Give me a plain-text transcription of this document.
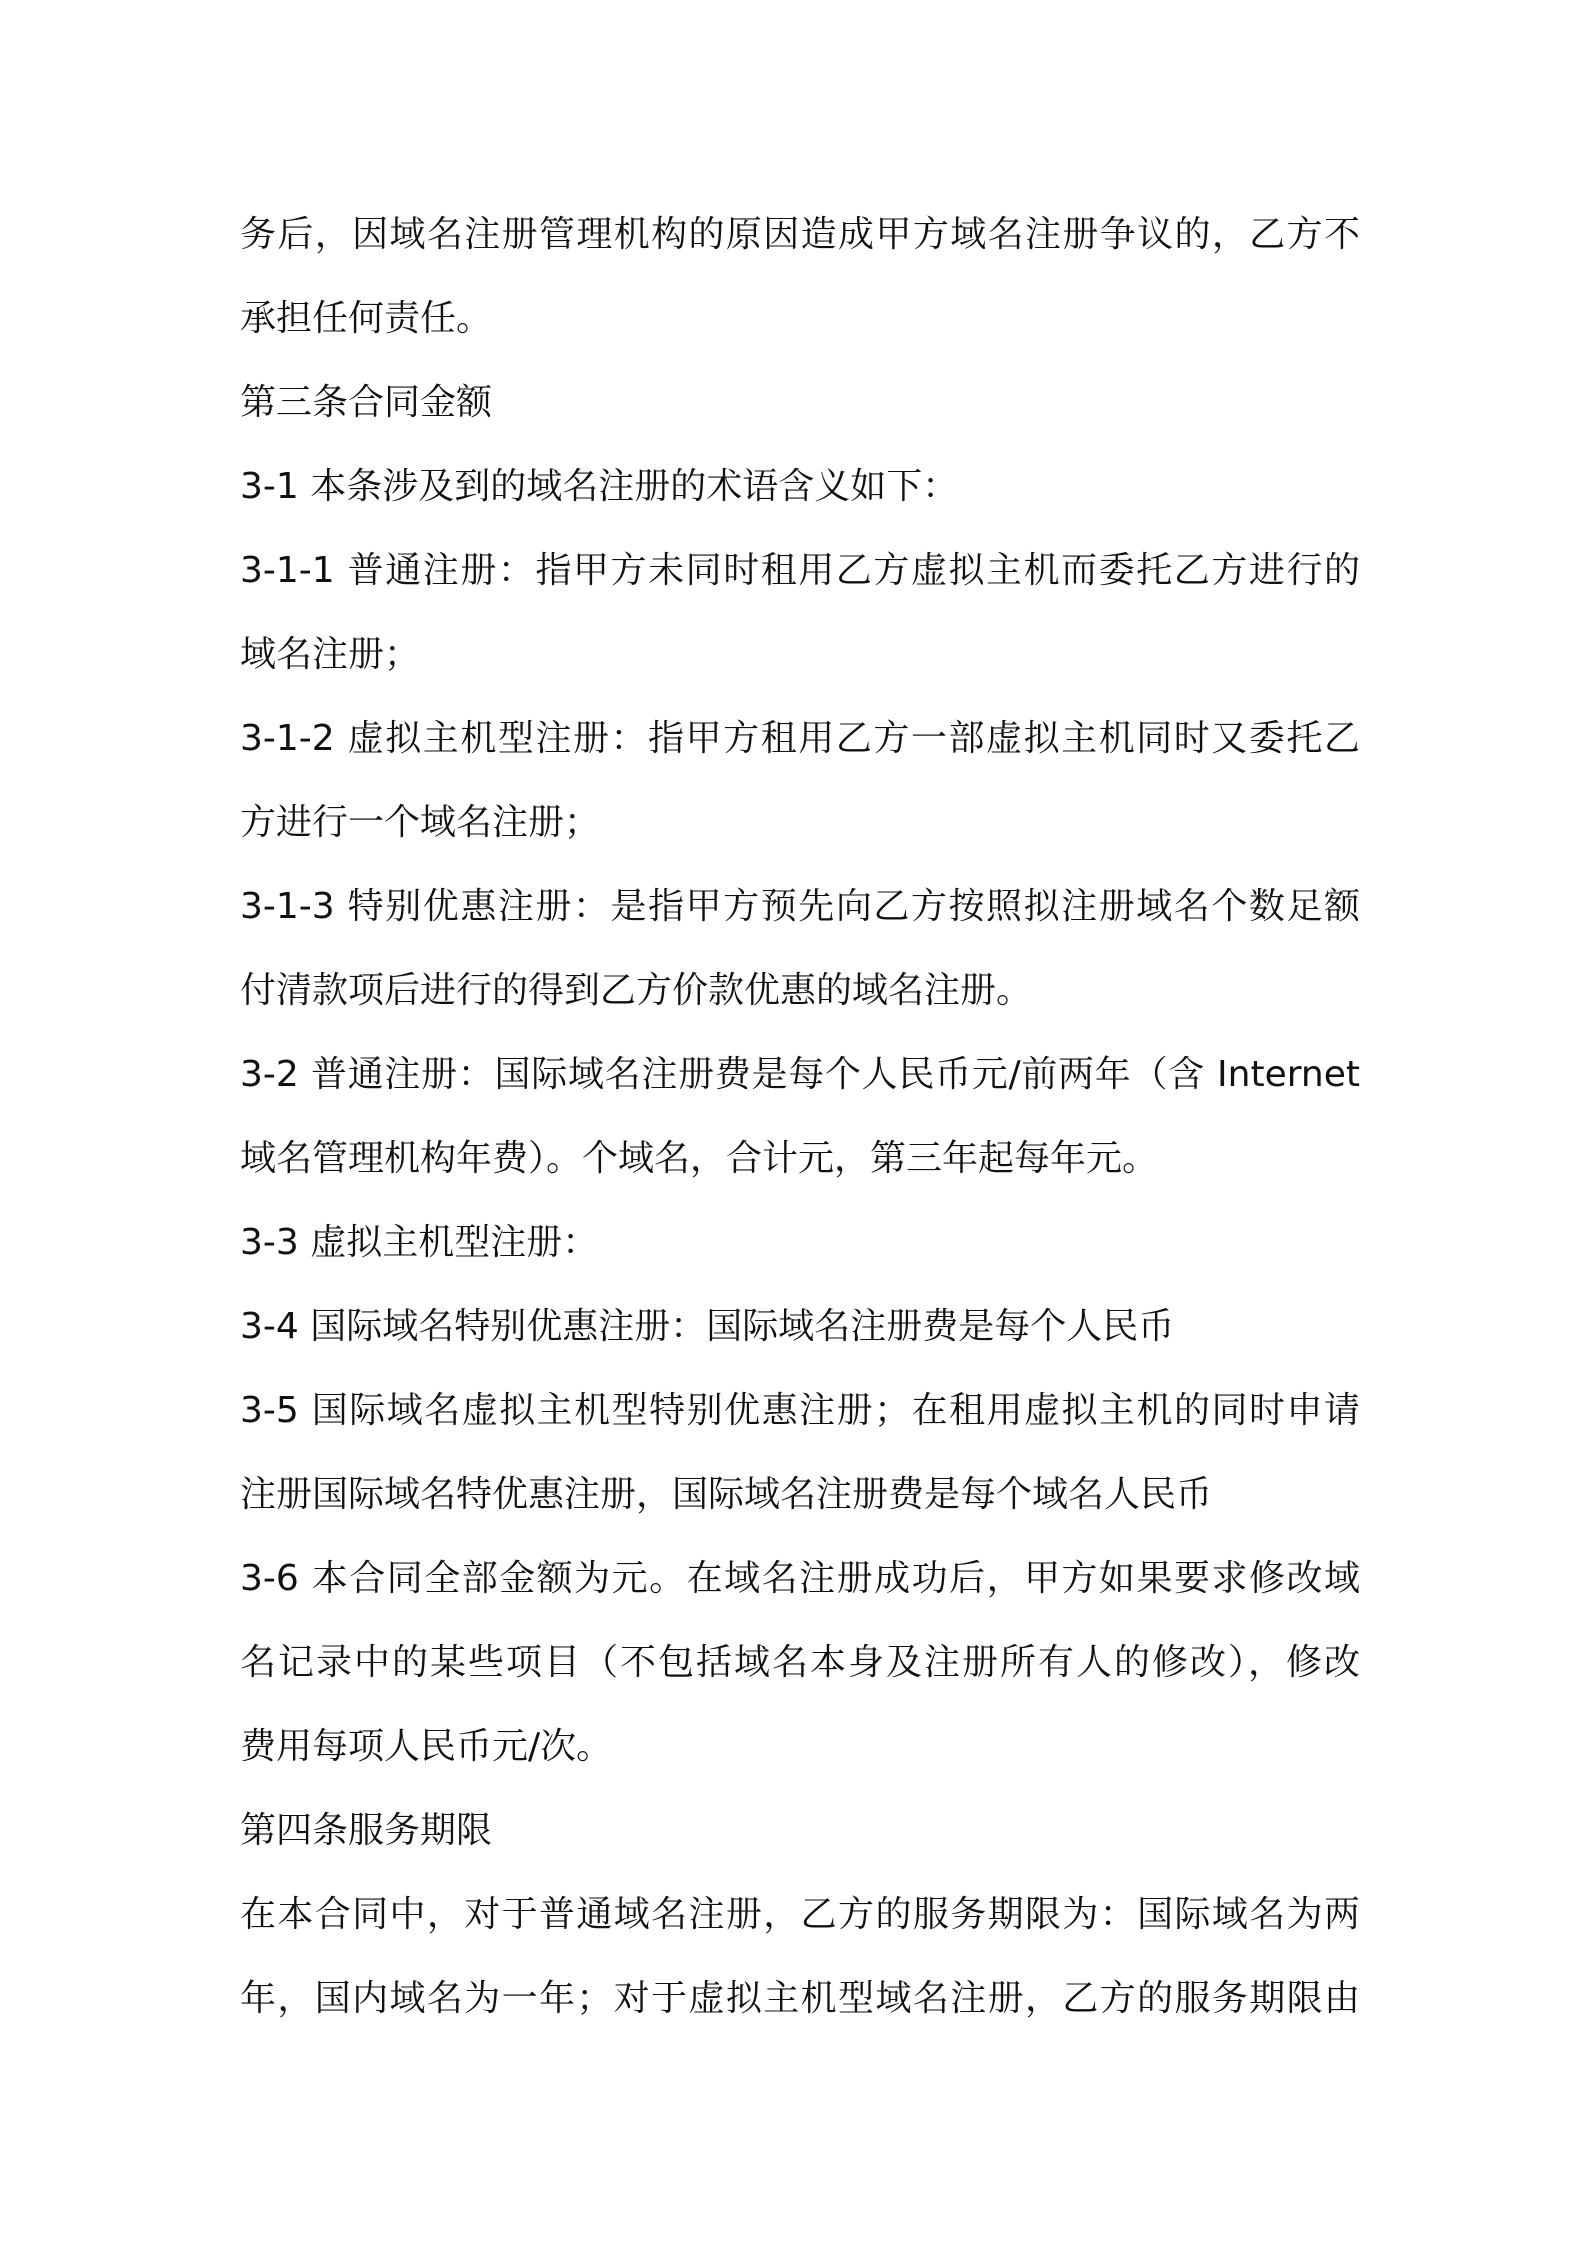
务后，因域名注册管理机构的原因造成甲方域名注册争议的，乙方不
承担任何责任。
第三条合同金额
3-1 本条涉及到的域名注册的术语含义如下：
3-1-1 普通注册：指甲方未同时租用乙方虚拟主机而委托乙方进行的
域名注册；
3-1-2 虚拟主机型注册：指甲方租用乙方一部虚拟主机同时又委托乙
方进行一个域名注册；
3-1-3 特别优惠注册：是指甲方预先向乙方按照拟注册域名个数足额
付清款项后进行的得到乙方价款优惠的域名注册。
3-2 普通注册：国际域名注册费是每个人民币元/前两年（含 Internet
域名管理机构年费）。个域名，合计元，第三年起每年元。
3-3 虚拟主机型注册：
3-4 国际域名特别优惠注册：国际域名注册费是每个人民币
3-5 国际域名虚拟主机型特别优惠注册；在租用虚拟主机的同时申请
注册国际域名特优惠注册，国际域名注册费是每个域名人民币
3-6 本合同全部金额为元。在域名注册成功后，甲方如果要求修改域
名记录中的某些项目（不包括域名本身及注册所有人的修改），修改
费用每项人民币元/次。
第四条服务期限
在本合同中，对于普通域名注册，乙方的服务期限为：国际域名为两
年，国内域名为一年；对于虚拟主机型域名注册，乙方的服务期限由
